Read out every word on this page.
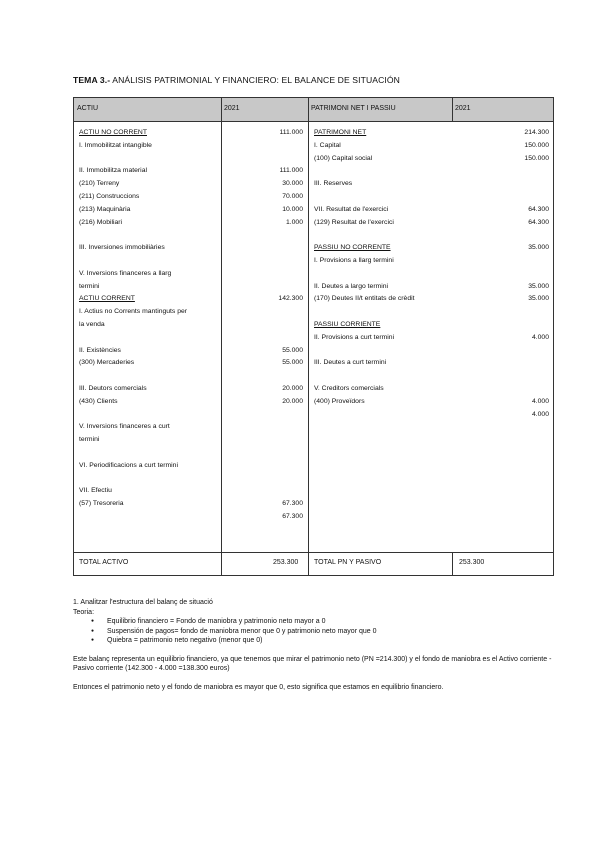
TEMA 3.- ANÁLISIS PATRIMONIAL Y FINANCIERO: EL BALANCE DE SITUACIÓN
ACTIU	2021	PATRIMONI NET I PASSIU	2021
ACTIU NO CORRENT	111.000
I. Immobilitzat intangible
II. Immobilitza material	111.000
(210) Terreny	30.000
(211) Construccions	70.000
(213) Maquinària	10.000
(216) Mobiliari	1.000
III. Inversiones immobiliàries
V. Inversions financeres a llarg
termini
ACTIU CORRENT	142.300
I. Actius no Corrents mantinguts per
la venda
II. Existències	55.000
(300) Mercaderies	55.000
III. Deutors comercials	20.000
(430) Clients	20.000
V. Inversions financeres a curt
termini
VI. Periodificacions a curt termini
VII. Efectiu
(57) Tresoreria	67.300
67.300
PATRIMONI NET	214.300
I. Capital	150.000
(100) Capital social	150.000
III. Reserves
VII. Resultat de l'exercici	64.300
(129) Resultat de l'exercici	64.300
PASSIU NO CORRENTE	35.000
I. Provisions a llarg termini
II. Deutes a largo termini	35.000
(170) Deutes II/t entitats de crèdit	35.000
PASSIU CORRIENTE
II. Provisions a curt termini	4.000
III. Deutes a curt termini
V. Creditors comercials
(400) Proveïdors	4.000
4.000
TOTAL ACTIVO	253.300 TOTAL PN Y PASIVO	253.300

1. Analitzar l'estructura del balanç de situació

Teoria:

● Equilibrio financiero = Fondo de maniobra y patrimonio neto mayor a 0

● Suspensión de pagos= fondo de maniobra menor que 0 y patrimonio neto mayor que 0

● Quiebra = patrimonio neto negativo (menor que 0)

Este balanç representa un equilibrio financiero, ya que tenemos que mirar el patrimonio neto (PN =214.300) y el fondo de maniobra es el Activo corriente - Pasivo corriente (142.300 - 4.000 =138.300 euros)

Entonces el patrimonio neto y el fondo de maniobra es mayor que 0, esto significa que estamos en equilibrio financiero.
